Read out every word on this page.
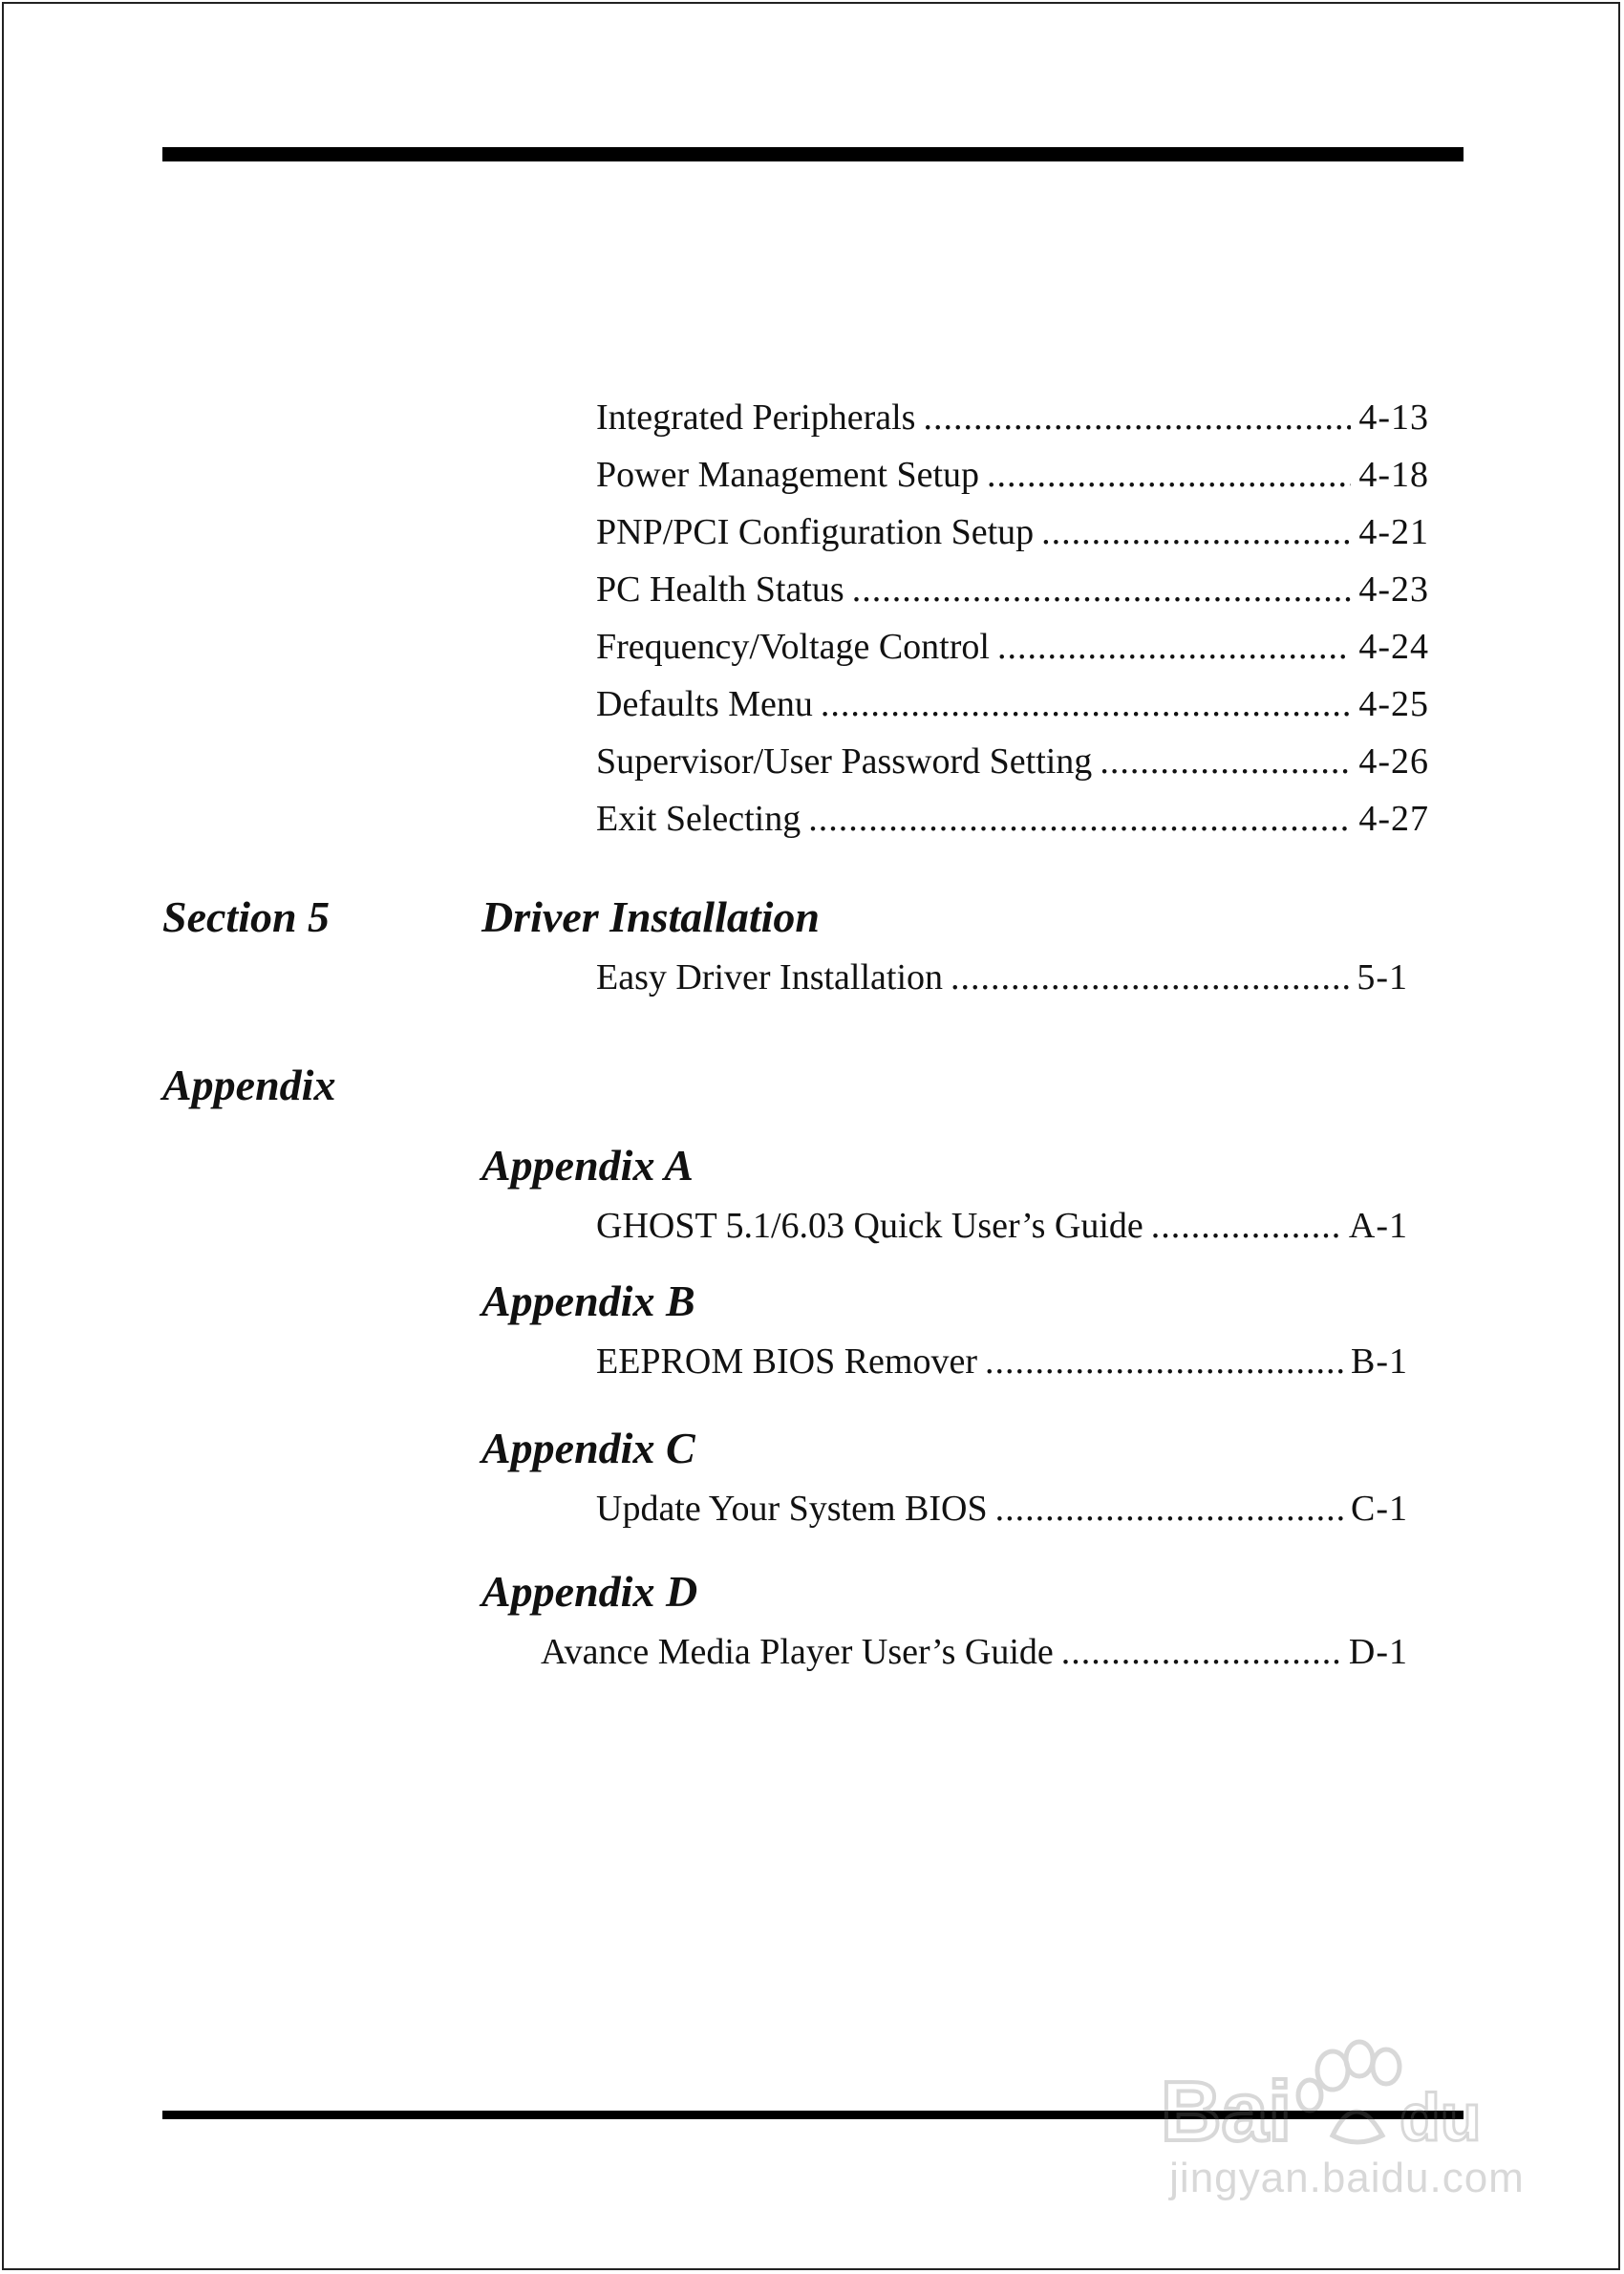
Integrated Peripherals .....	4-13
Power Management Setup .....	4-18
PNP/PCI Configuration Setup .....	4-21
PC Health Status .....	4-23
Frequency/Voltage Control .....	4-24
Defaults Menu .....	4-25
Supervisor/User Password Setting .....	4-26
Exit Selecting .....	4-27
Section 5	Driver Installation
Easy Driver Installation .....	5-1
Appendix
Appendix A
GHOST 5.1/6.03 Quick User’s Guide .....	A-1
Appendix B
EEPROM BIOS Remover .....	B-1
Appendix C
Update Your System BIOS .....	C-1
Appendix D
Avance Media Player User’s Guide .....	D-1
Bai du
jingyan.baidu.com
